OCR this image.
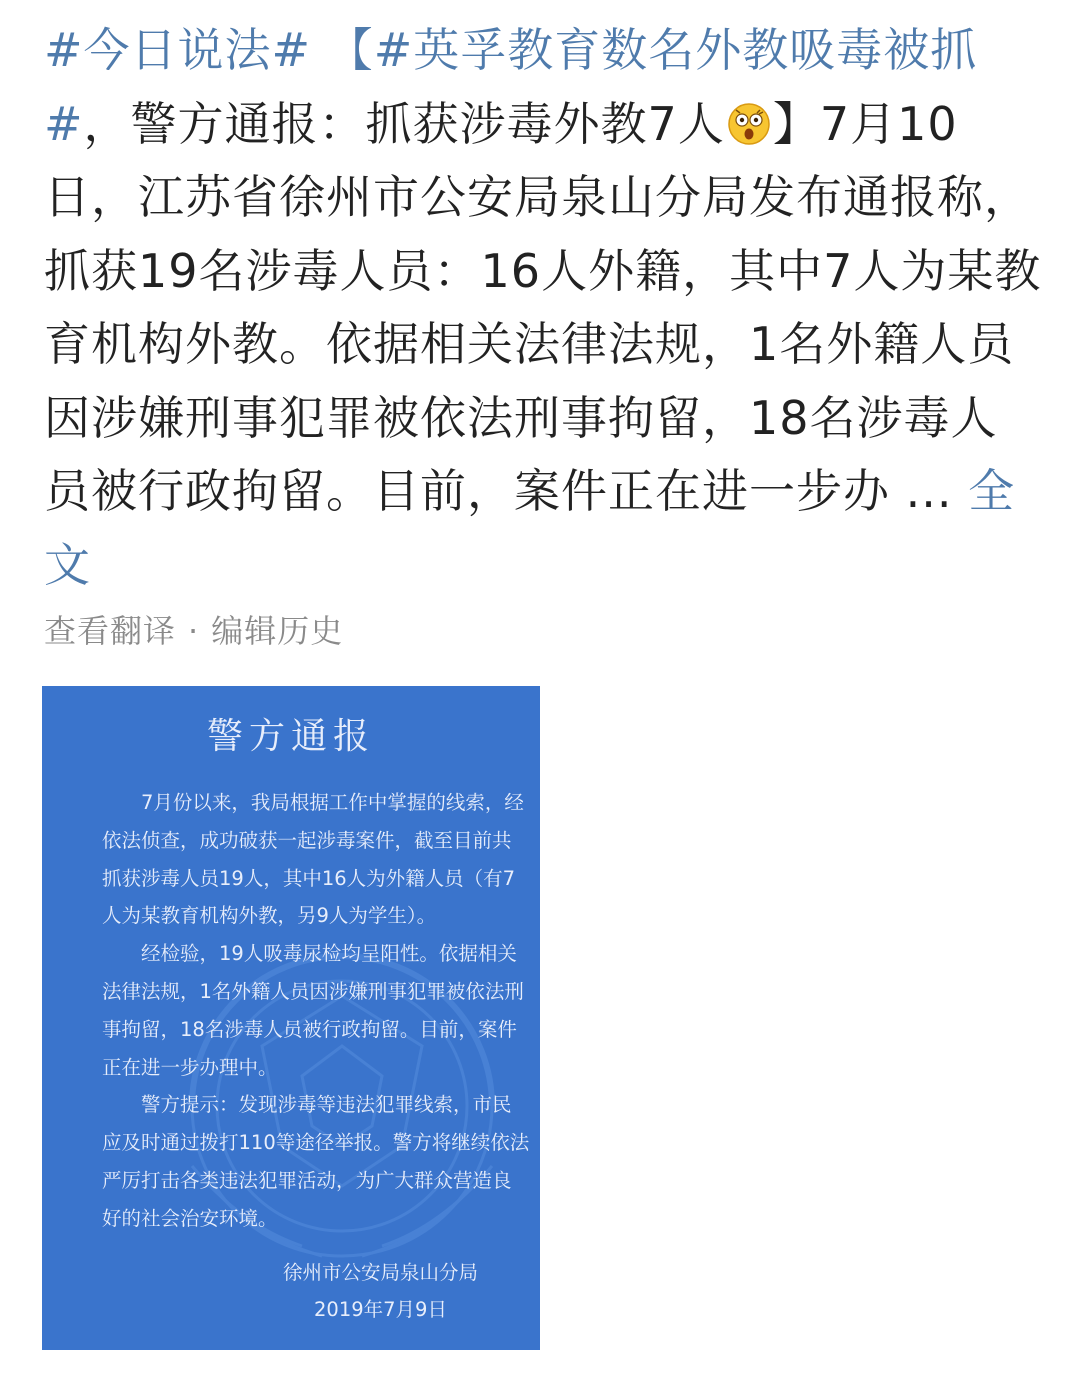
#今日说法# 【#英孚教育数名外教吸毒被抓#，警方通报：抓获涉毒外教7人 】7月10日，江苏省徐州市公安局泉山分局发布通报称，抓获19名涉毒人员：16人外籍，其中7人为某教育机构外教。依据相关法律法规，1名外籍人员因涉嫌刑事犯罪被依法刑事拘留，18名涉毒人员被行政拘留。目前，案件正在进一步办 ... 全文
查看翻译 · 编辑历史
警方通报

7月份以来，我局根据工作中掌握的线索，经依法侦查，成功破获一起涉毒案件，截至目前共抓获涉毒人员19人，其中16人为外籍人员（有7人为某教育机构外教，另9人为学生）。

经检验，19人吸毒尿检均呈阳性。依据相关法律法规，1名外籍人员因涉嫌刑事犯罪被依法刑事拘留，18名涉毒人员被行政拘留。目前，案件正在进一步办理中。

警方提示：发现涉毒等违法犯罪线索，市民应及时通过拨打110等途径举报。警方将继续依法严厉打击各类违法犯罪活动，为广大群众营造良好的社会治安环境。

徐州市公安局泉山分局
2019年7月9日
